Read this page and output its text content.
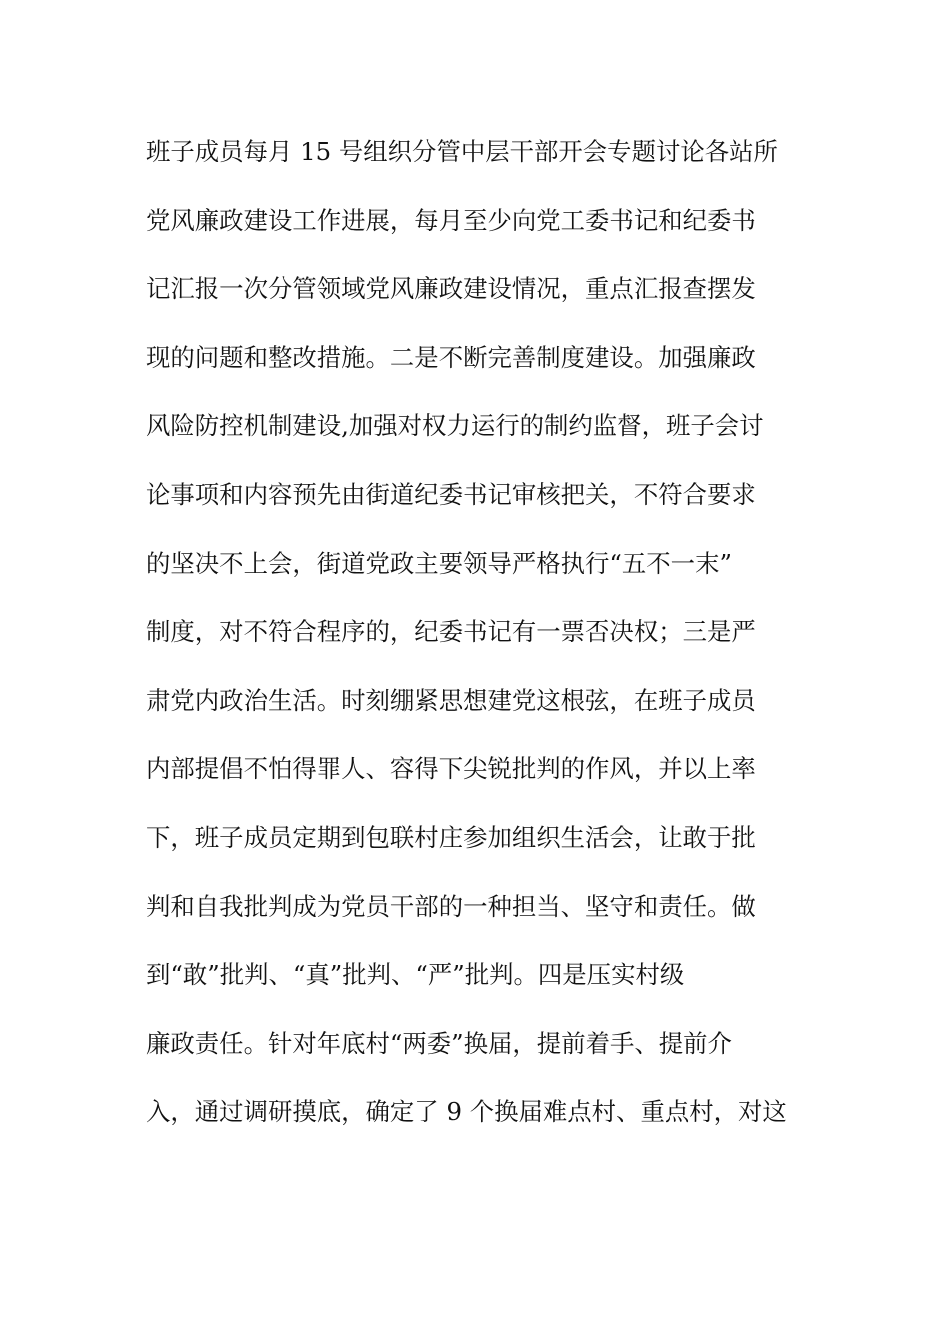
班子成员每月 15 号组织分管中层干部开会专题讨论各站所
党风廉政建设工作进展，每月至少向党工委书记和纪委书
记汇报一次分管领域党风廉政建设情况，重点汇报查摆发
现的问题和整改措施。二是不断完善制度建设。加强廉政
风险防控机制建设,加强对权力运行的制约监督，班子会讨
论事项和内容预先由街道纪委书记审核把关，不符合要求
的坚决不上会，街道党政主要领导严格执行“五不一末”
制度，对不符合程序的，纪委书记有一票否决权；三是严
肃党内政治生活。时刻绷紧思想建党这根弦，在班子成员
内部提倡不怕得罪人、容得下尖锐批判的作风，并以上率
下，班子成员定期到包联村庄参加组织生活会，让敢于批
判和自我批判成为党员干部的一种担当、坚守和责任。做
到“敢”批判、“真”批判、“严”批判。四是压实村级
廉政责任。针对年底村“两委”换届，提前着手、提前介
入，通过调研摸底，确定了 9 个换届难点村、重点村，对这
